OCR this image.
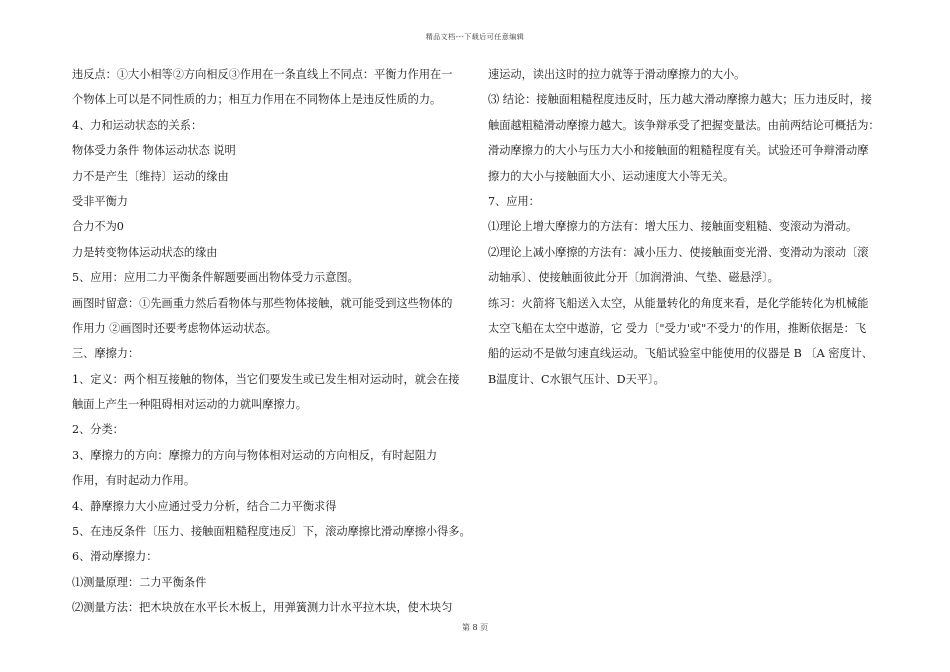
精品文档---下载后可任意编辑
违反点：①大小相等②方向相反③作用在一条直线上不同点：平衡力作用在一
个物体上可以是不同性质的力；相互力作用在不同物体上是违反性质的力。
4、力和运动状态的关系：
物体受力条件 物体运动状态 说明
力不是产生〔维持〕运动的缘由
受非平衡力
合力不为0
力是转变物体运动状态的缘由
5、应用：应用二力平衡条件解题要画出物体受力示意图。
画图时留意：①先画重力然后看物体与那些物体接触，就可能受到这些物体的
作用力 ②画图时还要考虑物体运动状态。
三、摩擦力：
1、定义：两个相互接触的物体，当它们要发生或已发生相对运动时，就会在接
触面上产生一种阻碍相对运动的力就叫摩擦力。
2、分类：
3、摩擦力的方向：摩擦力的方向与物体相对运动的方向相反，有时起阻力
作用，有时起动力作用。
4、静摩擦力大小应通过受力分析，结合二力平衡求得
5、在违反条件〔压力、接触面粗糙程度违反〕下，滚动摩擦比滑动摩擦小得多。
6、滑动摩擦力：
⑴测量原理：二力平衡条件
⑵测量方法：把木块放在水平长木板上，用弹簧测力计水平拉木块，使木块匀
速运动，读出这时的拉力就等于滑动摩擦力的大小。
⑶ 结论：接触面粗糙程度违反时，压力越大滑动摩擦力越大；压力违反时，接
触面越粗糙滑动摩擦力越大。该争辩承受了把握变量法。由前两结论可概括为：
滑动摩擦力的大小与压力大小和接触面的粗糙程度有关。试验还可争辩滑动摩
擦力的大小与接触面大小、运动速度大小等无关。
7、应用：
⑴理论上增大摩擦力的方法有：增大压力、接触面变粗糙、变滚动为滑动。
⑵理论上减小摩擦的方法有：减小压力、使接触面变光滑、变滑动为滚动〔滚
动轴承〕、使接触面彼此分开〔加润滑油、气垫、磁悬浮〕。
练习：火箭将飞船送入太空，从能量转化的角度来看，是化学能转化为机械能
太空飞船在太空中遨游，它 受力〔"受力'或"不受力'的作用，推断依据是：飞
船的运动不是做匀速直线运动。飞船试验室中能使用的仪器是 B 〔A 密度计、
B温度计、C水银气压计、D天平〕。
第 8 页
